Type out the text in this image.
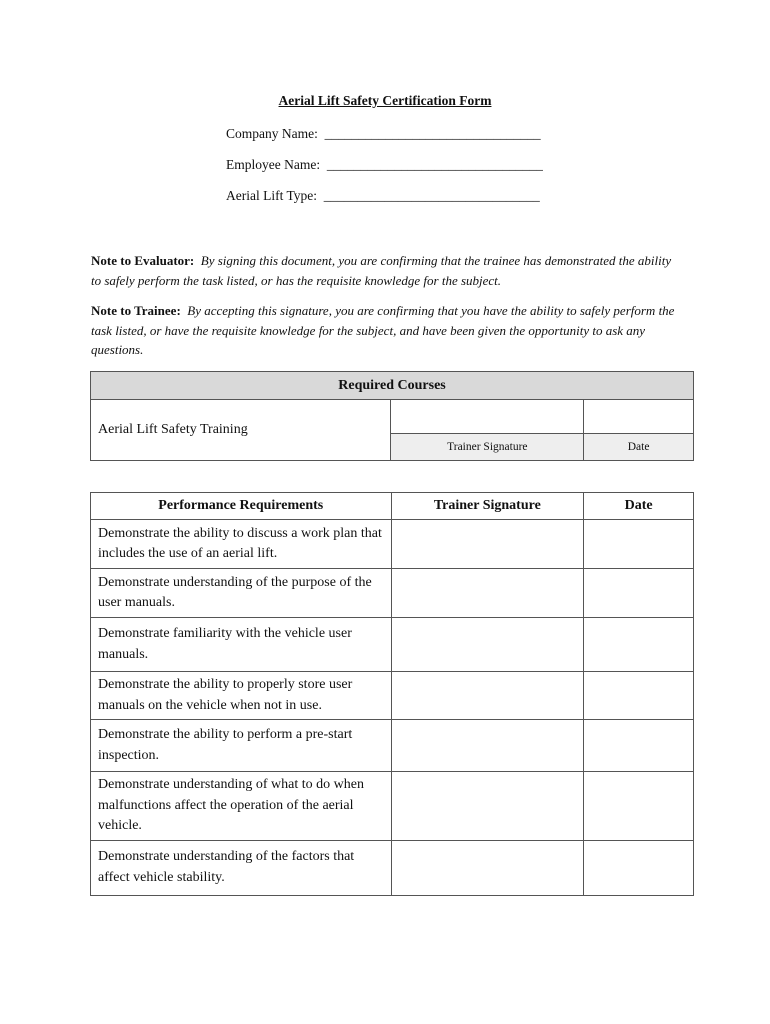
Aerial Lift Safety Certification Form
Company Name: ________________________________
Employee Name: ________________________________
Aerial Lift Type: ________________________________
Note to Evaluator: By signing this document, you are confirming that the trainee has demonstrated the ability to safely perform the task listed, or has the requisite knowledge for the subject.
Note to Trainee: By accepting this signature, you are confirming that you have the ability to safely perform the task listed, or have the requisite knowledge for the subject, and have been given the opportunity to ask any questions.
Required Courses		
Aerial Lift Safety Training		
	Trainer Signature	Date
Performance Requirements	Trainer Signature	Date
Demonstrate the ability to discuss a work plan that includes the use of an aerial lift.		
Demonstrate understanding of the purpose of the user manuals.		
Demonstrate familiarity with the vehicle user manuals.		
Demonstrate the ability to properly store user manuals on the vehicle when not in use.		
Demonstrate the ability to perform a pre-start inspection.		
Demonstrate understanding of what to do when malfunctions affect the operation of the aerial vehicle.		
Demonstrate understanding of the factors that affect vehicle stability.		
